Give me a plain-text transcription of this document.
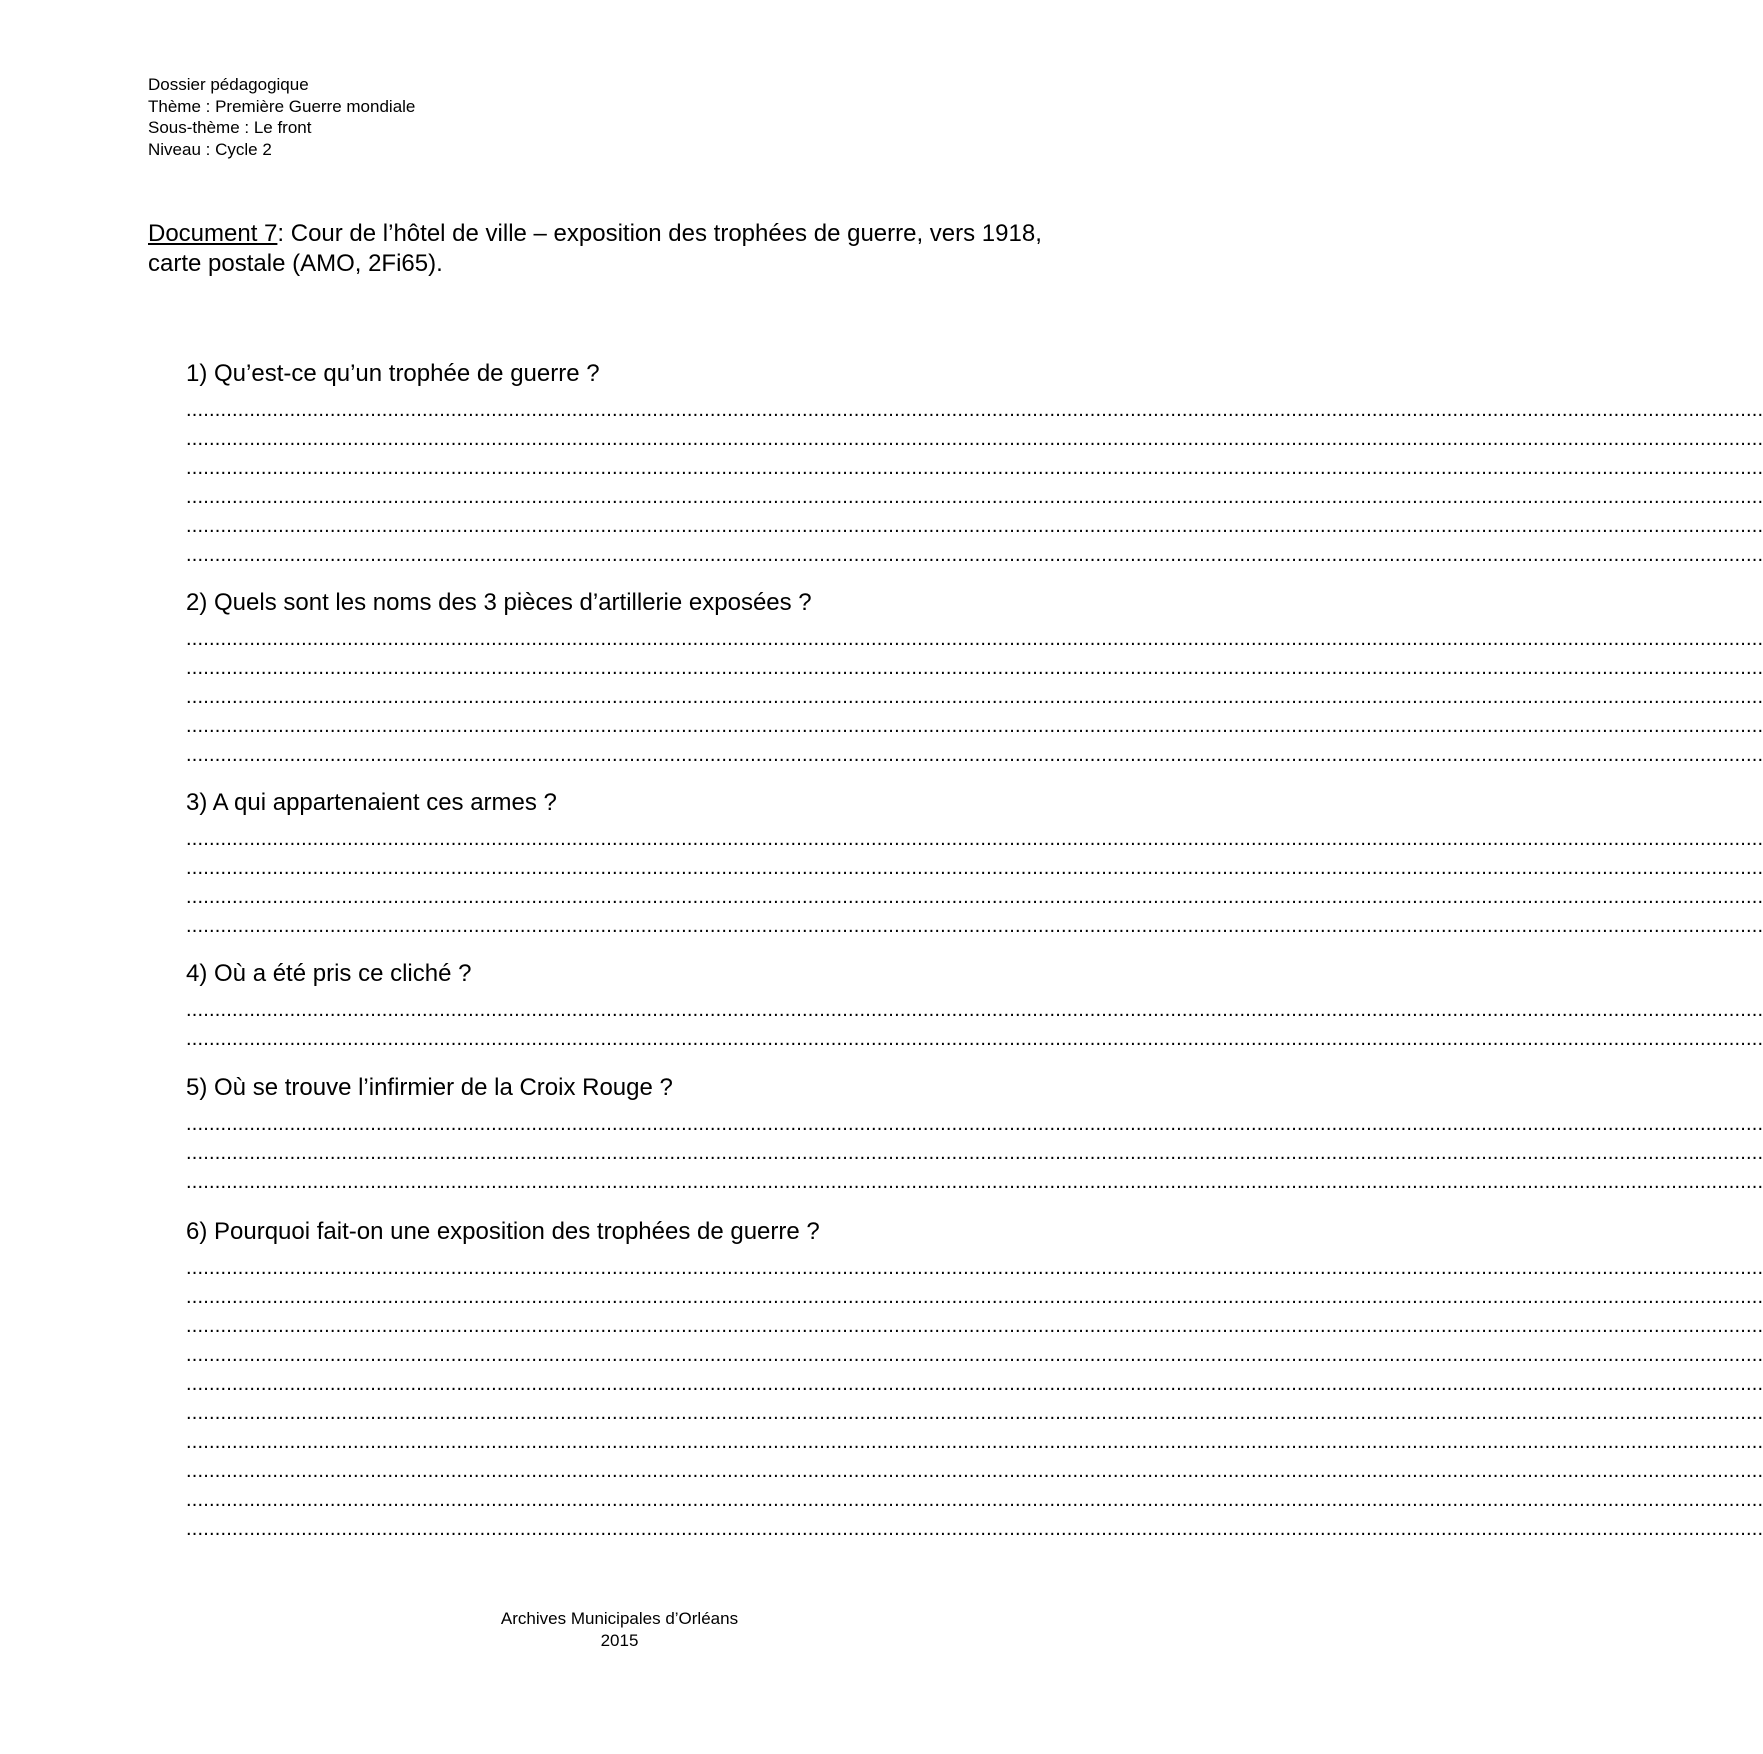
Dossier pédagogique
Thème : Première Guerre mondiale
Sous-thème : Le front
Niveau : Cycle 2
Document 7: Cour de l’hôtel de ville – exposition des trophées de guerre, vers 1918, carte postale (AMO, 2Fi65).
1) Qu’est-ce qu’un trophée de guerre ?
..................................................................................................................................................................................................................................................................................
..................................................................................................................................................................................................................................................................................
..................................................................................................................................................................................................................................................................................
..................................................................................................................................................................................................................................................................................
..................................................................................................................................................................................................................................................................................
..................................................................................................................................................................................................................................................................................
2) Quels sont les noms des 3 pièces d’artillerie exposées ?
..................................................................................................................................................................................................................................................................................
..................................................................................................................................................................................................................................................................................
..................................................................................................................................................................................................................................................................................
..................................................................................................................................................................................................................................................................................
..................................................................................................................................................................................................................................................................................
3) A qui appartenaient ces armes ?
..................................................................................................................................................................................................................................................................................
..................................................................................................................................................................................................................................................................................
..................................................................................................................................................................................................................................................................................
..................................................................................................................................................................................................................................................................................
4) Où a été pris ce cliché ?
..................................................................................................................................................................................................................................................................................
..................................................................................................................................................................................................................................................................................
5) Où se trouve l’infirmier de la Croix Rouge ?
..................................................................................................................................................................................................................................................................................
..................................................................................................................................................................................................................................................................................
..................................................................................................................................................................................................................................................................................
6) Pourquoi fait-on une exposition des trophées de guerre ?
..................................................................................................................................................................................................................................................................................
..................................................................................................................................................................................................................................................................................
..................................................................................................................................................................................................................................................................................
..................................................................................................................................................................................................................................................................................
..................................................................................................................................................................................................................................................................................
..................................................................................................................................................................................................................................................................................
..................................................................................................................................................................................................................................................................................
..................................................................................................................................................................................................................................................................................
..................................................................................................................................................................................................................................................................................
..................................................................................................................................................................................................................................................................................
Archives Municipales d’Orléans
2015
